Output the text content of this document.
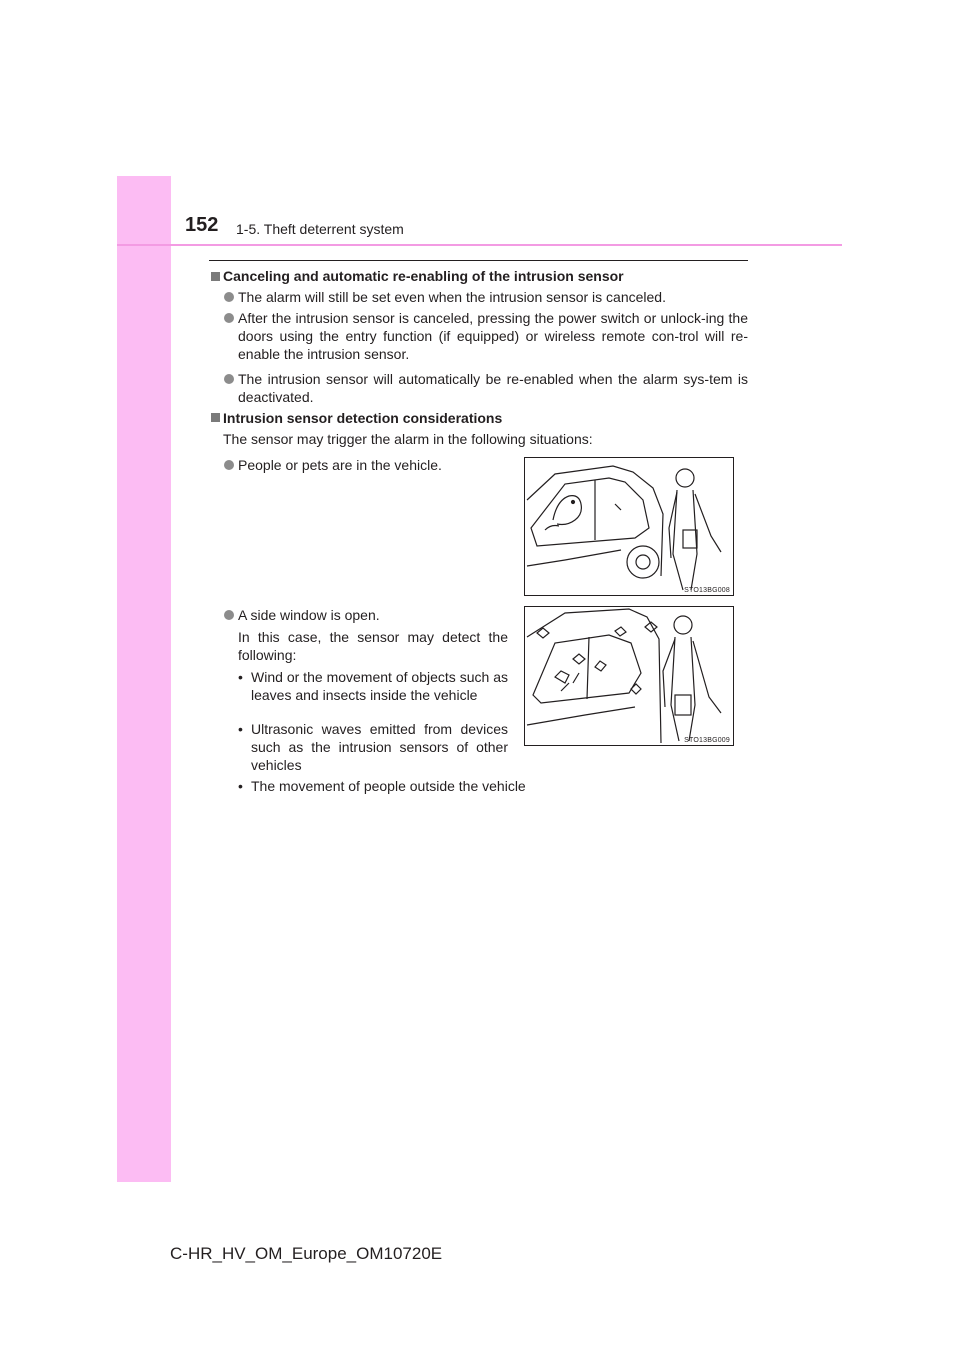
152 1-5. Theft deterrent system
Canceling and automatic re-enabling of the intrusion sensor
The alarm will still be set even when the intrusion sensor is canceled.
After the intrusion sensor is canceled, pressing the power switch or unlock-ing the doors using the entry function (if equipped) or wireless remote con-trol will re-enable the intrusion sensor.
The intrusion sensor will automatically be re-enabled when the alarm sys-tem is deactivated.
Intrusion sensor detection considerations
The sensor may trigger the alarm in the following situations:
People or pets are in the vehicle.
A side window is open.
In this case, the sensor may detect the following:
• Wind or the movement of objects such as leaves and insects inside the vehicle
• Ultrasonic waves emitted from devices such as the intrusion sensors of other vehicles
• The movement of people outside the vehicle
STO13BG008
STO13BG009
C-HR_HV_OM_Europe_OM10720E
